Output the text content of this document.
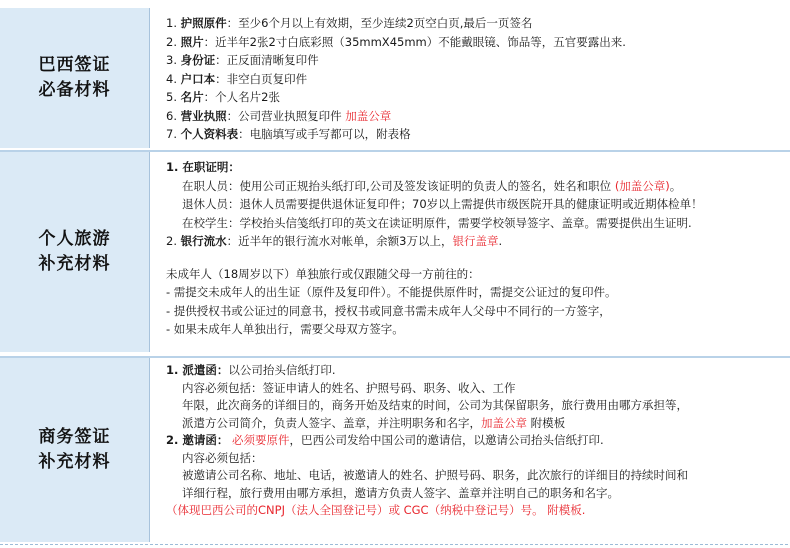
巴西签证
必备材料
1. 护照原件：至少6个月以上有效期，至少连续2页空白页,最后一页签名
2. 照片：近半年2张2寸白底彩照（35mmX45mm）不能戴眼镜、饰品等，五官要露出来.
3. 身份证：正反面清晰复印件
4. 户口本：非空白页复印件
5. 名片：个人名片2张
6. 营业执照：公司营业执照复印件 加盖公章
7. 个人资料表：电脑填写或手写都可以，附表格
个人旅游
补充材料
1. 在职证明：
在职人员：使用公司正规抬头纸打印,公司及签发该证明的负责人的签名，姓名和职位 (加盖公章)。
退休人员：退休人员需要提供退休证复印件；70岁以上需提供市级医院开具的健康证明或近期体检单！
在校学生：学校抬头信笺纸打印的英文在读证明原件，需要学校领导签字、盖章。需要提供出生证明.
2. 银行流水：近半年的银行流水对帐单，余额3万以上，银行盖章.
未成年人（18周岁以下）单独旅行或仅跟随父母一方前往的：
- 需提交未成年人的出生证（原件及复印件）。不能提供原件时，需提交公证过的复印件。
- 提供授权书或公证过的同意书，授权书或同意书需未成年人父母中不同行的一方签字，
- 如果未成年人单独出行，需要父母双方签字。
商务签证
补充材料
1. 派遣函：以公司抬头信纸打印.
内容必须包括：签证申请人的姓名、护照号码、职务、收入、工作
年限，此次商务的详细目的，商务开始及结束的时间，公司为其保留职务，旅行费用由哪方承担等，
派遣方公司简介，负责人签字、盖章，并注明职务和名字，加盖公章 附模板
2. 邀请函： 必须要原件，巴西公司发给中国公司的邀请信，以邀请公司抬头信纸打印.
内容必须包括：
被邀请公司名称、地址、电话，被邀请人的姓名、护照号码、职务，此次旅行的详细目的持续时间和
详细行程，旅行费用由哪方承担，邀请方负责人签字、盖章并注明自己的职务和名字。
（体现巴西公司的CNPJ（法人全国登记号）或 CGC（纳税中登记号）号。 附模板.
